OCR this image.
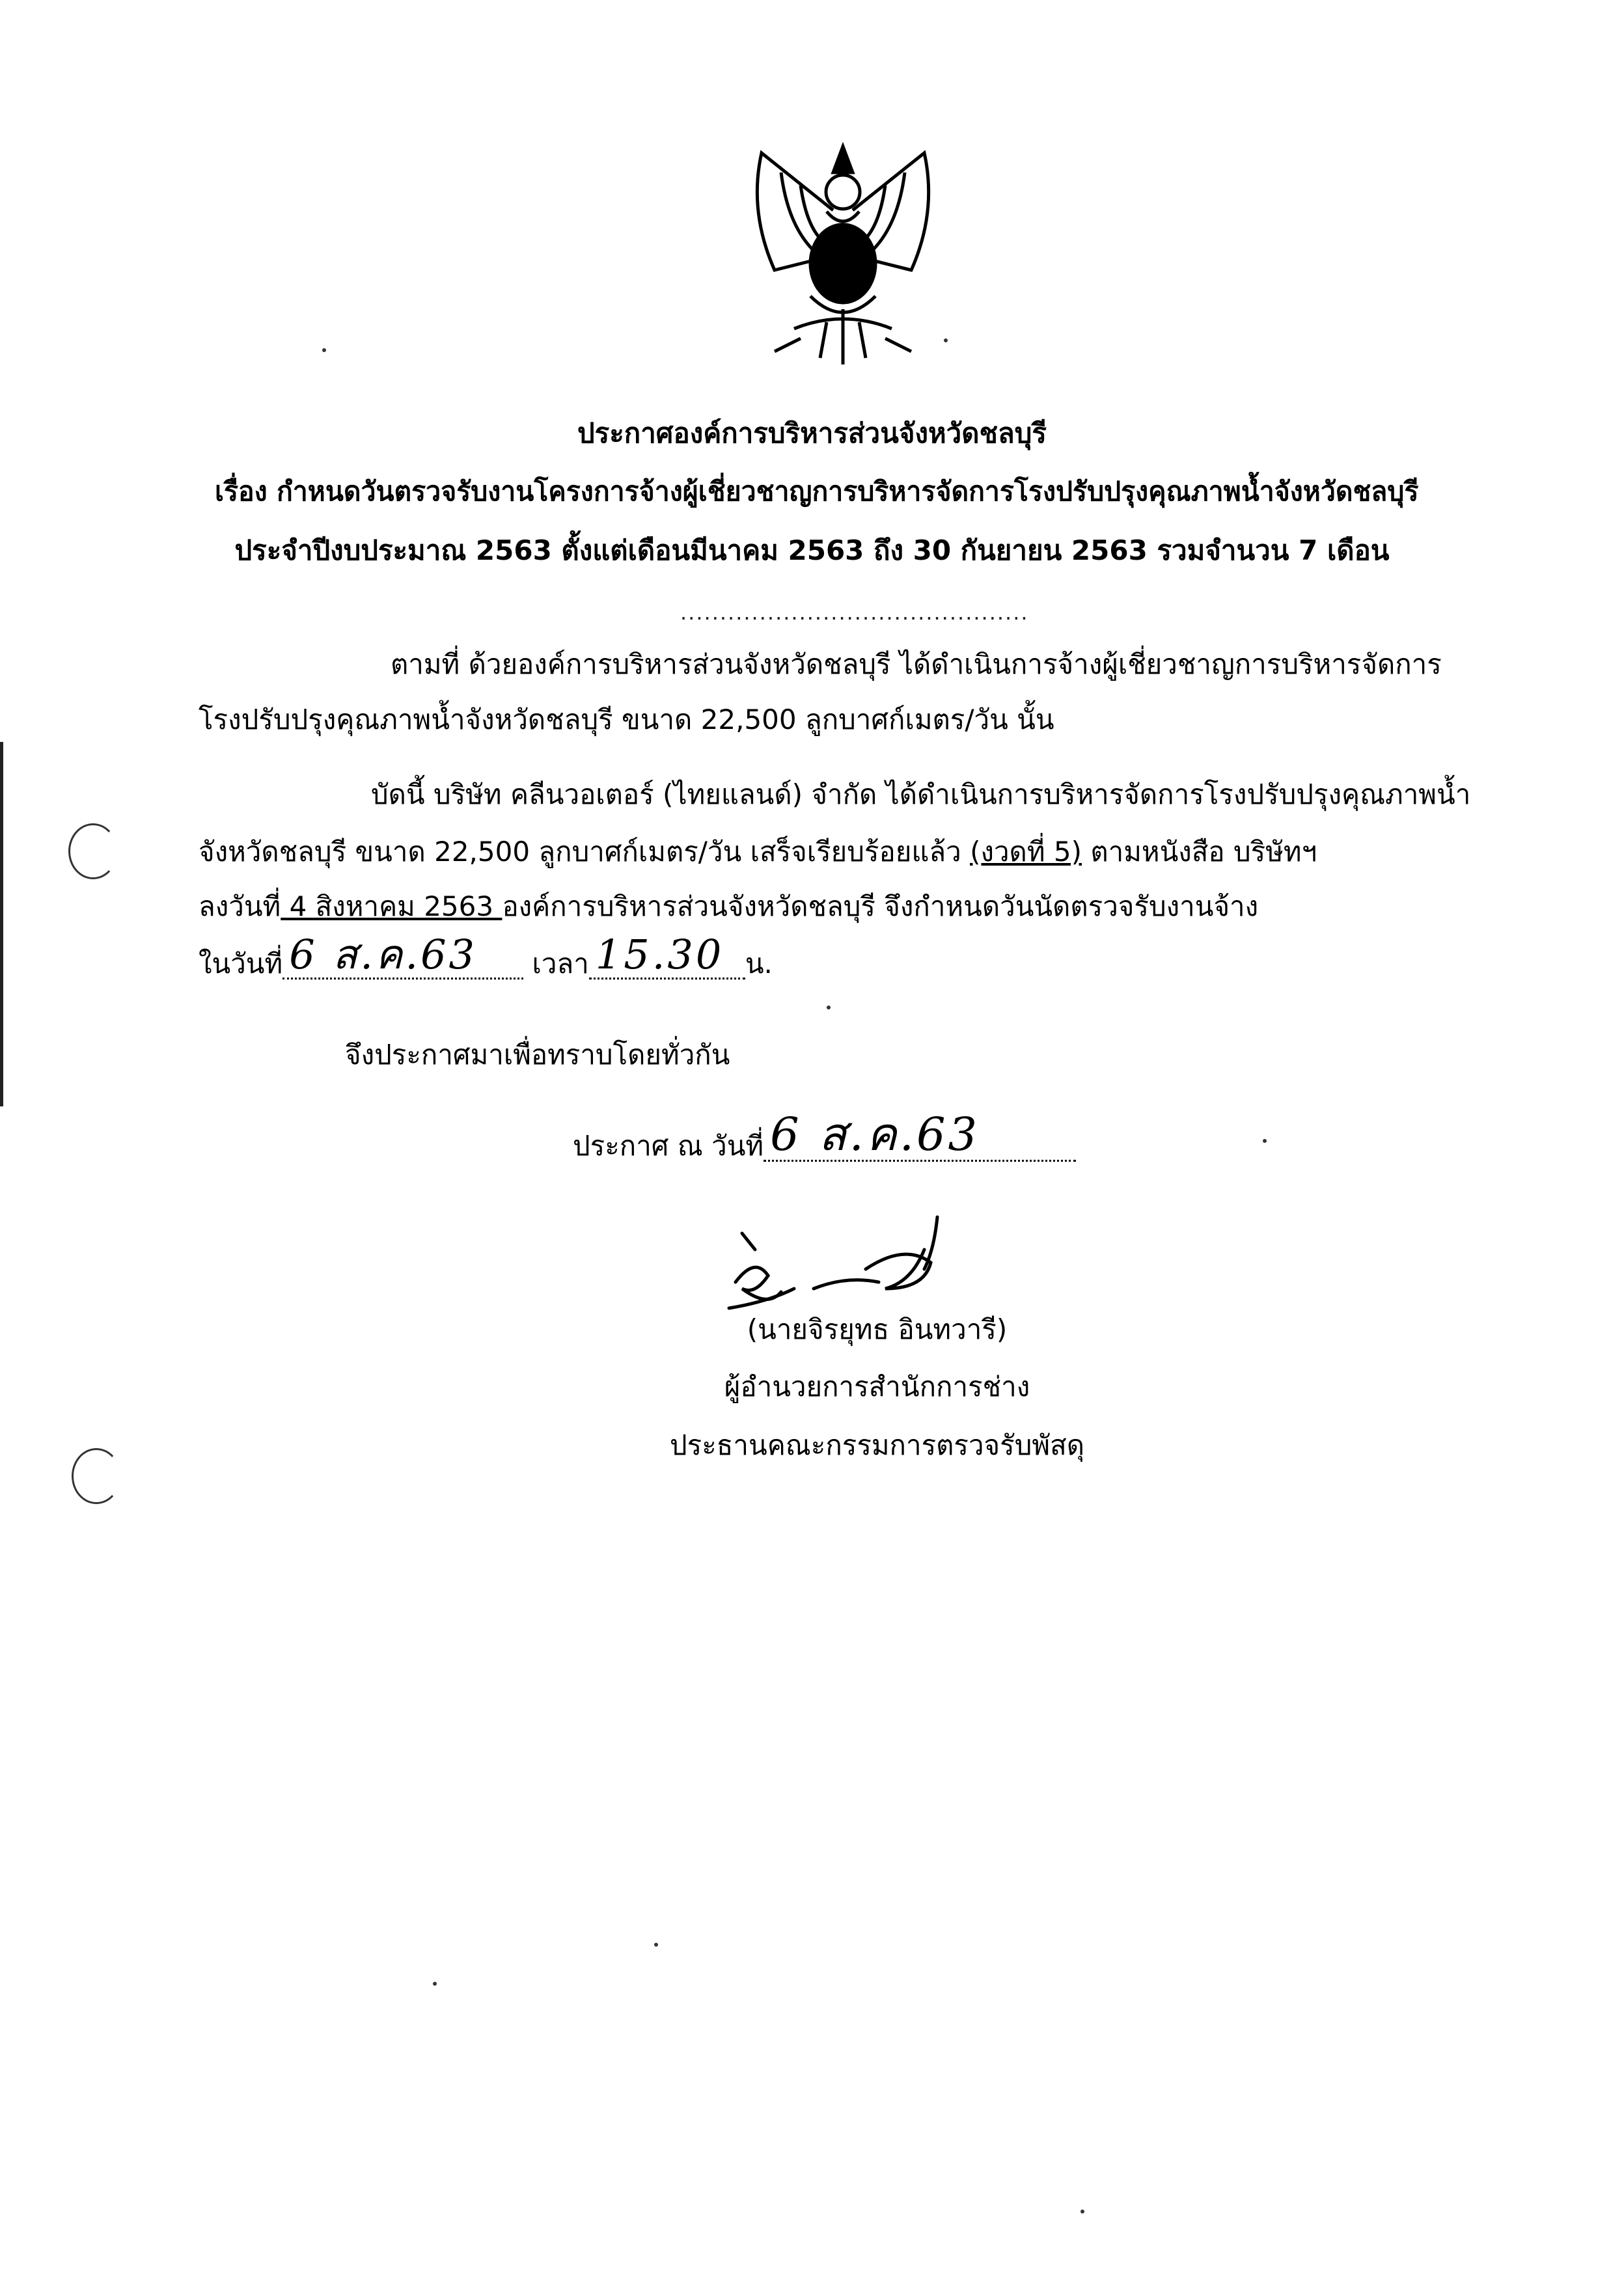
ประกาศองค์การบริหารส่วนจังหวัดชลบุรี
เรื่อง กำหนดวันตรวจรับงานโครงการจ้างผู้เชี่ยวชาญการบริหารจัดการโรงปรับปรุงคุณภาพน้ำจังหวัดชลบุรี
ประจำปีงบประมาณ 2563 ตั้งแต่เดือนมีนาคม 2563 ถึง 30 กันยายน 2563 รวมจำนวน 7 เดือน
............................................
ตามที่ ด้วยองค์การบริหารส่วนจังหวัดชลบุรี ได้ดำเนินการจ้างผู้เชี่ยวชาญการบริหารจัดการ
โรงปรับปรุงคุณภาพน้ำจังหวัดชลบุรี ขนาด 22,500 ลูกบาศก์เมตร/วัน นั้น
บัดนี้ บริษัท คลีนวอเตอร์ (ไทยแลนด์) จำกัด ได้ดำเนินการบริหารจัดการโรงปรับปรุงคุณภาพน้ำ
จังหวัดชลบุรี ขนาด 22,500 ลูกบาศก์เมตร/วัน เสร็จเรียบร้อยแล้ว (งวดที่ 5) ตามหนังสือ บริษัทฯ
ลงวันที่ 4 สิงหาคม 2563 องค์การบริหารส่วนจังหวัดชลบุรี จึงกำหนดวันนัดตรวจรับงานจ้าง
ในวันที่ 6 ส.ค.63 เวลา 15.30 น.
จึงประกาศมาเพื่อทราบโดยทั่วกัน
ประกาศ ณ วันที่ 6 ส.ค.63
(นายจิรยุทธ อินทวารี)
ผู้อำนวยการสำนักการช่าง
ประธานคณะกรรมการตรวจรับพัสดุ
